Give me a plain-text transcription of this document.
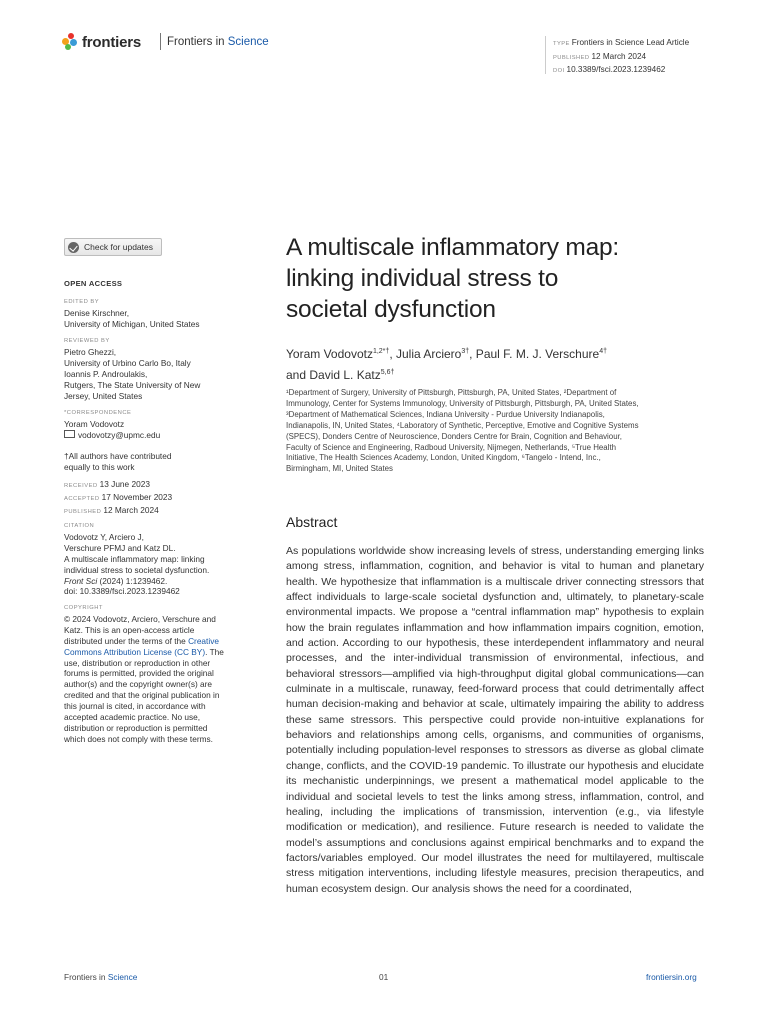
frontiers Frontiers in Science	TYPE Frontiers in Science Lead Article
PUBLISHED 12 March 2024
DOI 10.3389/fsci.2023.1239462
Check for updates
OPEN ACCESS
EDITED BY
Denise Kirschner,
University of Michigan, United States
REVIEWED BY
Pietro Ghezzi,
University of Urbino Carlo Bo, Italy
Ioannis P. Androulakis,
Rutgers, The State University of New
Jersey, United States
*CORRESPONDENCE
Yoram Vodovotz
vodovotzy@upmc.edu
†All authors have contributed
equally to this work
RECEIVED 13 June 2023
ACCEPTED 17 November 2023
PUBLISHED 12 March 2024
CITATION
Vodovotz Y, Arciero J,
Verschure PFMJ and Katz DL.
A multiscale inflammatory map: linking
individual stress to societal dysfunction.
Front Sci (2024) 1:1239462.
doi: 10.3389/fsci.2023.1239462
COPYRIGHT
© 2024 Vodovotz, Arciero, Verschure and
Katz. This is an open-access article
distributed under the terms of the Creative
Commons Attribution License (CC BY). The
use, distribution or reproduction in other
forums is permitted, provided the original
author(s) and the copyright owner(s) are
credited and that the original publication in
this journal is cited, in accordance with
accepted academic practice. No use,
distribution or reproduction is permitted
which does not comply with these terms.
A multiscale inflammatory map:
linking individual stress to
societal dysfunction
Yoram Vodovotz$^{1,2*\dagger}$, Julia Arciero$^{3\dagger}$, Paul F. M. J. Verschure$^{4\dagger}$
and David L. Katz$^{5,6\dagger}$
¹Department of Surgery, University of Pittsburgh, Pittsburgh, PA, United States, ²Department of
Immunology, Center for Systems Immunology, University of Pittsburgh, Pittsburgh, PA, United States,
³Department of Mathematical Sciences, Indiana University - Purdue University Indianapolis,
Indianapolis, IN, United States, ⁴Laboratory of Synthetic, Perceptive, Emotive and Cognitive Systems
(SPECS), Donders Centre of Neuroscience, Donders Centre for Brain, Cognition and Behaviour,
Faculty of Science and Engineering, Radboud University, Nijmegen, Netherlands, ⁵True Health
Initiative, The Health Sciences Academy, London, United Kingdom, ⁶Tangelo - Intend, Inc.,
Birmingham, MI, United States
Abstract
As populations worldwide show increasing levels of stress, understanding emerging links among stress, inflammation, cognition, and behavior is vital to human and planetary health. We hypothesize that inflammation is a multiscale driver connecting stressors that affect individuals to large-scale societal dysfunction and, ultimately, to planetary-scale environmental impacts. We propose a “central inflammation map” hypothesis to explain how the brain regulates inflammation and how inflammation impairs cognition, emotion, and action. According to our hypothesis, these interdependent inflammatory and neural processes, and the inter-individual transmission of environmental, infectious, and behavioral stressors—amplified via high-throughput digital global communications—can culminate in a multiscale, runaway, feed-forward process that could detrimentally affect human decision-making and behavior at scale, ultimately impairing the ability to address these same stressors. This perspective could provide non-intuitive explanations for behaviors and relationships among cells, organisms, and communities of organisms, potentially including population-level responses to stressors as diverse as global climate change, conflicts, and the COVID-19 pandemic. To illustrate our hypothesis and elucidate its mechanistic underpinnings, we present a mathematical model applicable to the individual and societal levels to test the links among stress, inflammation, control, and healing, including the implications of transmission, intervention (e.g., via lifestyle modification or medication), and resilience. Future research is needed to validate the model’s assumptions and conclusions against empirical benchmarks and to expand the factors/variables employed. Our model illustrates the need for multilayered, multiscale stress mitigation interventions, including lifestyle measures, precision therapeutics, and human ecosystem design. Our analysis shows the need for a coordinated,
Frontiers in Science	01	frontiersin.org
